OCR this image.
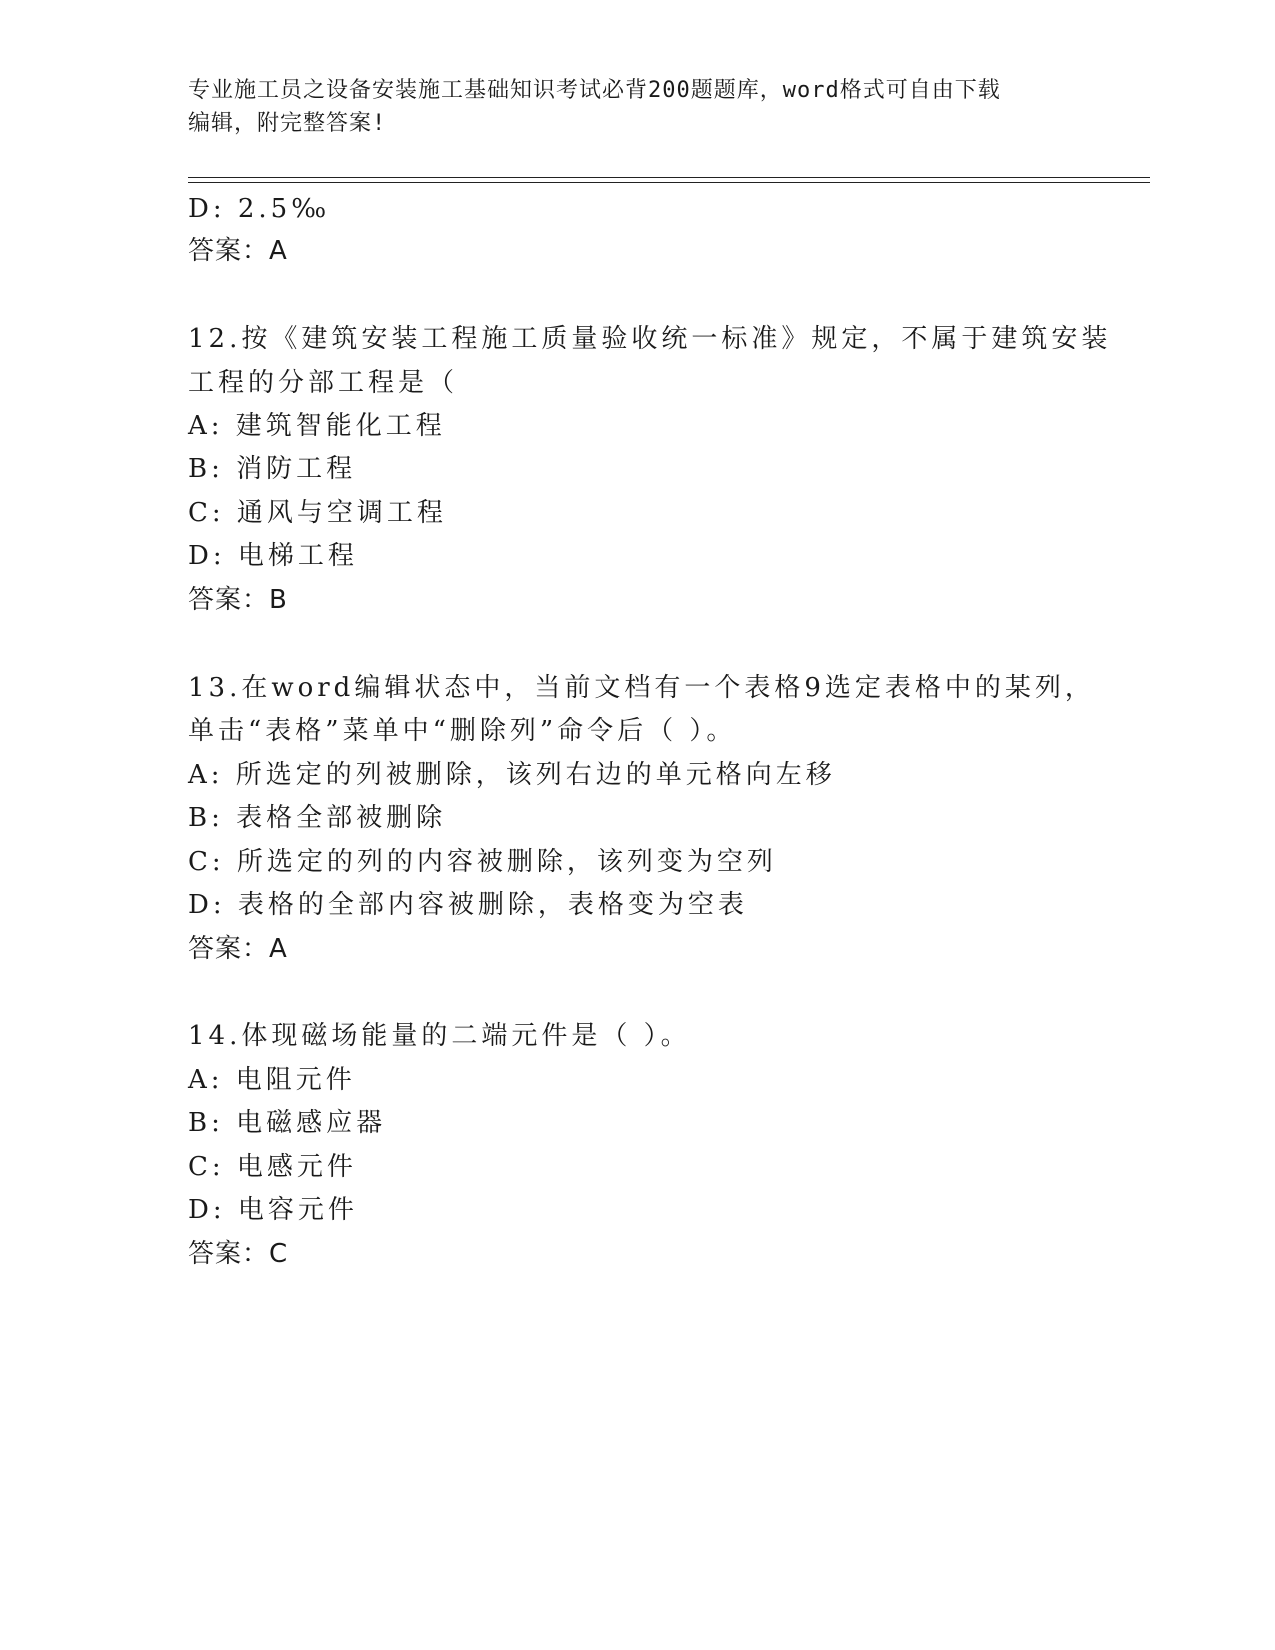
专业施工员之设备安装施工基础知识考试必背200题题库，word格式可自由下载
编辑，附完整答案!
D: 2.5‰
答案：A
12.按《建筑安装工程施工质量验收统一标准》规定，不属于建筑安装
工程的分部工程是（
A: 建筑智能化工程
B: 消防工程
C: 通风与空调工程
D: 电梯工程
答案：B
13.在word编辑状态中，当前文档有一个表格9选定表格中的某列，
单击“表格”菜单中“删除列”命令后（ ）。
A: 所选定的列被删除，该列右边的单元格向左移
B: 表格全部被删除
C: 所选定的列的内容被删除，该列变为空列
D: 表格的全部内容被删除，表格变为空表
答案：A
14.体现磁场能量的二端元件是（ ）。
A: 电阻元件
B: 电磁感应器
C: 电感元件
D: 电容元件
答案：C
